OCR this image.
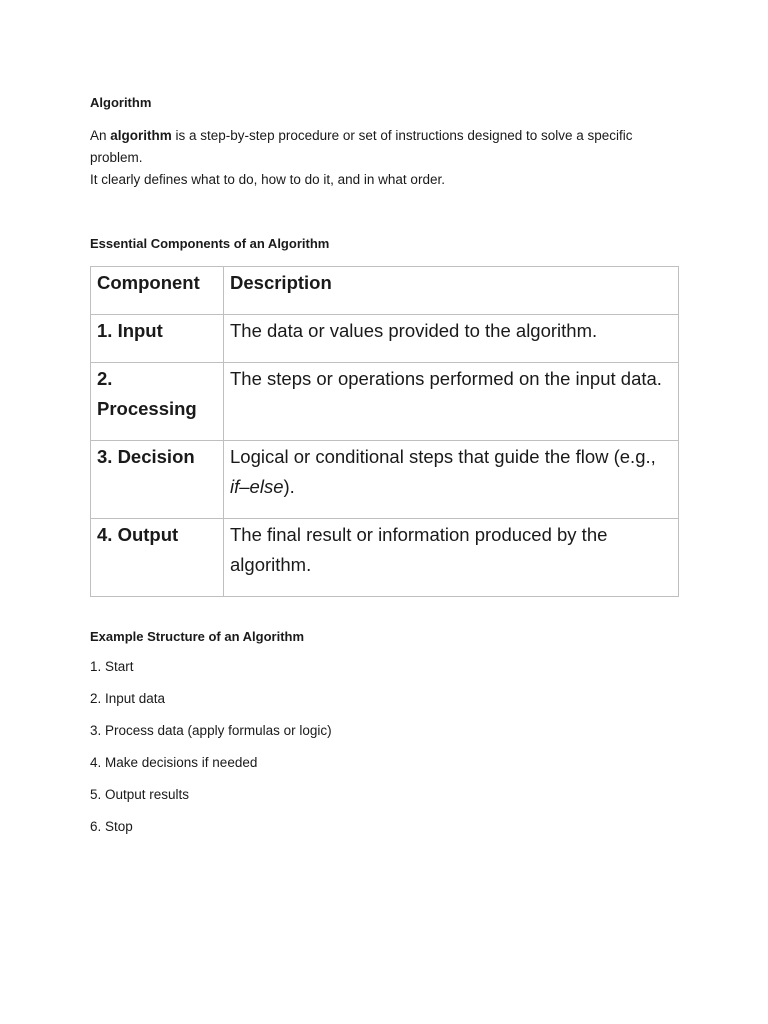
Algorithm

An algorithm is a step-by-step procedure or set of instructions designed to solve a specific problem.

It clearly defines what to do, how to do it, and in what order.

Essential Components of an Algorithm

Component	Description
1. Input	The data or values provided to the algorithm.
2. Processing	The steps or operations performed on the input data.
3. Decision	Logical or conditional steps that guide the flow (e.g., if–else).
4. Output	The final result or information produced by the algorithm.

Example Structure of an Algorithm

1. Start
2. Input data
3. Process data (apply formulas or logic)
4. Make decisions if needed
5. Output results
6. Stop
